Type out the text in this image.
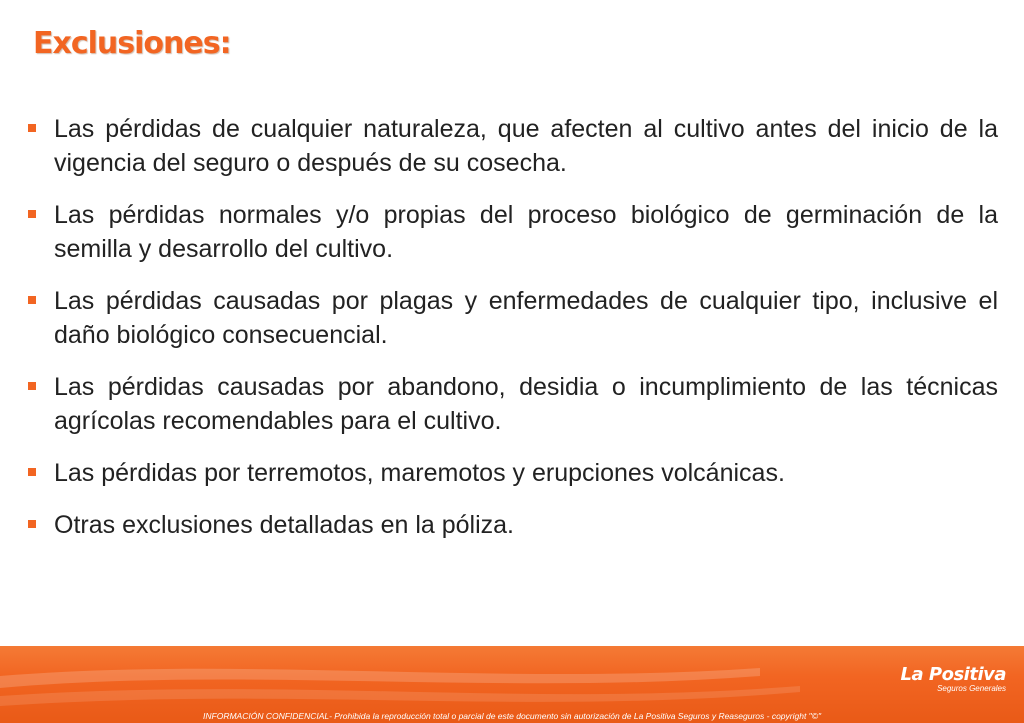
Exclusiones:
Las pérdidas de cualquier naturaleza, que afecten al cultivo antes del inicio de la vigencia del seguro o después de su cosecha.
Las pérdidas normales y/o propias del proceso biológico de germinación de la semilla y desarrollo del cultivo.
Las pérdidas causadas por plagas y enfermedades de cualquier tipo, inclusive el daño biológico consecuencial.
Las pérdidas causadas por abandono, desidia o incumplimiento de las técnicas agrícolas recomendables para el cultivo.
Las pérdidas por terremotos, maremotos y erupciones volcánicas.
Otras exclusiones detalladas en la póliza.
La Positiva
Seguros Generales
INFORMACIÓN CONFIDENCIAL- Prohibida la reproducción total o parcial de este documento sin autorización de La Positiva Seguros y Reaseguros - copyright "©"
